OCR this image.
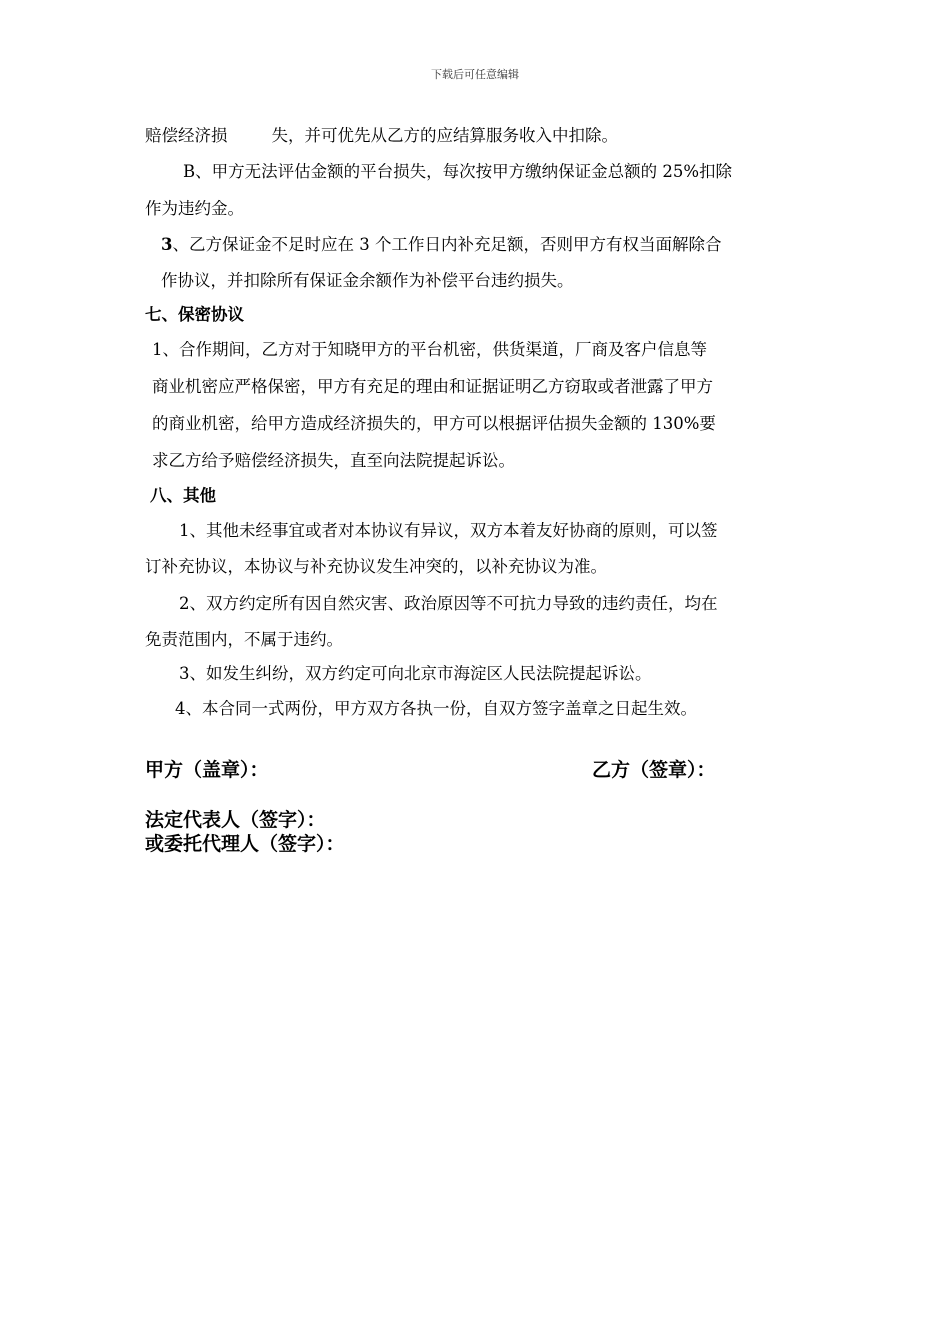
下载后可任意编辑
赔偿经济损	失，并可优先从乙方的应结算服务收入中扣除。
B、甲方无法评估金额的平台损失，每次按甲方缴纳保证金总额的 25%扣除
作为违约金。
3、乙方保证金不足时应在 3 个工作日内补充足额，否则甲方有权当面解除合
作协议，并扣除所有保证金余额作为补偿平台违约损失。
七、保密协议
1、合作期间，乙方对于知晓甲方的平台机密，供货渠道，厂商及客户信息等
商业机密应严格保密，甲方有充足的理由和证据证明乙方窃取或者泄露了甲方
的商业机密，给甲方造成经济损失的，甲方可以根据评估损失金额的 130%要
求乙方给予赔偿经济损失，直至向法院提起诉讼。
八、其他
1、其他未经事宜或者对本协议有异议，双方本着友好协商的原则，可以签
订补充协议，本协议与补充协议发生冲突的，以补充协议为准。
2、双方约定所有因自然灾害、政治原因等不可抗力导致的违约责任，均在
免责范围内，不属于违约。
3、如发生纠纷，双方约定可向北京市海淀区人民法院提起诉讼。
4、本合同一式两份，甲方双方各执一份，自双方签字盖章之日起生效。
甲方（盖章）：	乙方（签章）：
法定代表人（签字）：
或委托代理人（签字）：
